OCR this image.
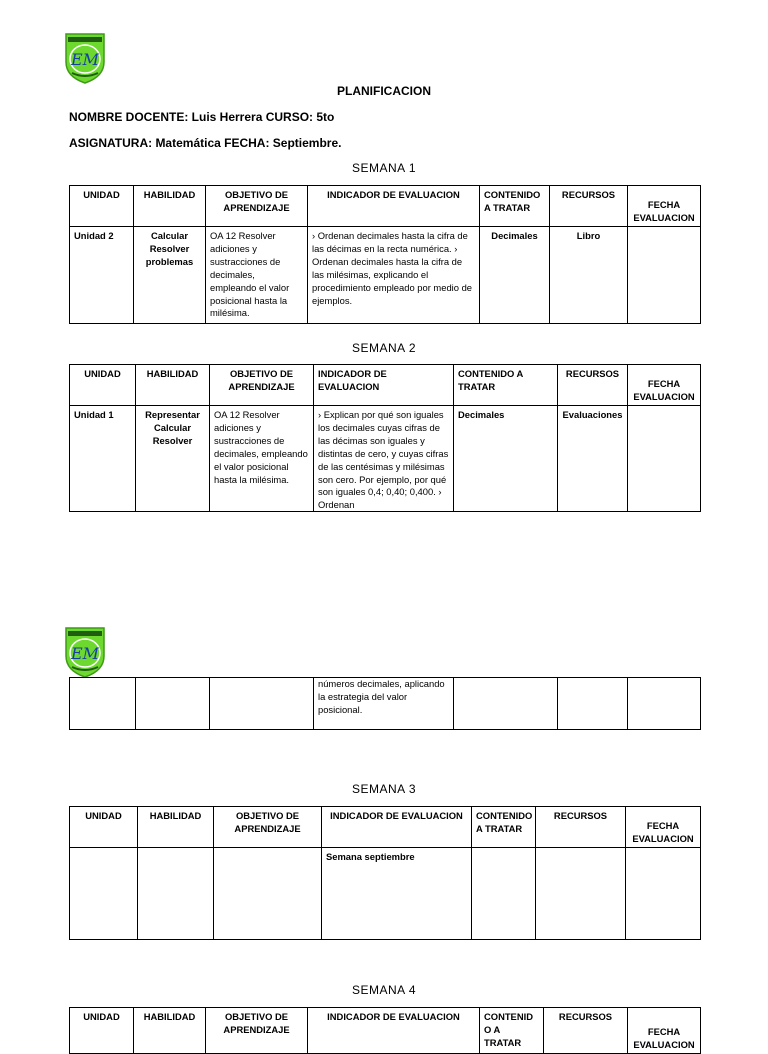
EM
PLANIFICACION
NOMBRE DOCENTE: Luis Herrera CURSO: 5to
ASIGNATURA: Matemática FECHA: Septiembre.
SEMANA 1
UNIDAD	HABILIDAD	OBJETIVO DE APRENDIZAJE	INDICADOR DE EVALUACION	CONTENIDO A TRATAR	RECURSOS	FECHA EVALUACION
Unidad 2	Calcular Resolver problemas	OA 12 Resolver adiciones y sustracciones de decimales, empleando el valor posicional hasta la milésima.	› Ordenan decimales hasta la cifra de las décimas en la recta numérica. › Ordenan decimales hasta la cifra de las milésimas, explicando el procedimiento empleado por medio de ejemplos.	Decimales	Libro	
SEMANA 2
UNIDAD	HABILIDAD	OBJETIVO DE APRENDIZAJE	INDICADOR DE EVALUACION	CONTENIDO A TRATAR	RECURSOS	FECHA EVALUACION
Unidad 1	Representar Calcular Resolver	OA 12 Resolver adiciones y sustracciones de decimales, empleando el valor posicional hasta la milésima.	› Explican por qué son iguales los decimales cuyas cifras de las décimas son iguales y distintas de cero, y cuyas cifras de las centésimas y milésimas son cero. Por ejemplo, por qué son iguales 0,4; 0,40; 0,400. › Ordenan	Decimales	Evaluaciones	
EM
			números decimales, aplicando la estrategia del valor posicional.			
SEMANA 3
UNIDAD	HABILIDAD	OBJETIVO DE APRENDIZAJE	INDICADOR DE EVALUACION	CONTENIDO A TRATAR	RECURSOS	FECHA EVALUACION
			Semana septiembre			
SEMANA 4
UNIDAD	HABILIDAD	OBJETIVO DE APRENDIZAJE	INDICADOR DE EVALUACION	CONTENID O A TRATAR	RECURSOS	FECHA EVALUACION
